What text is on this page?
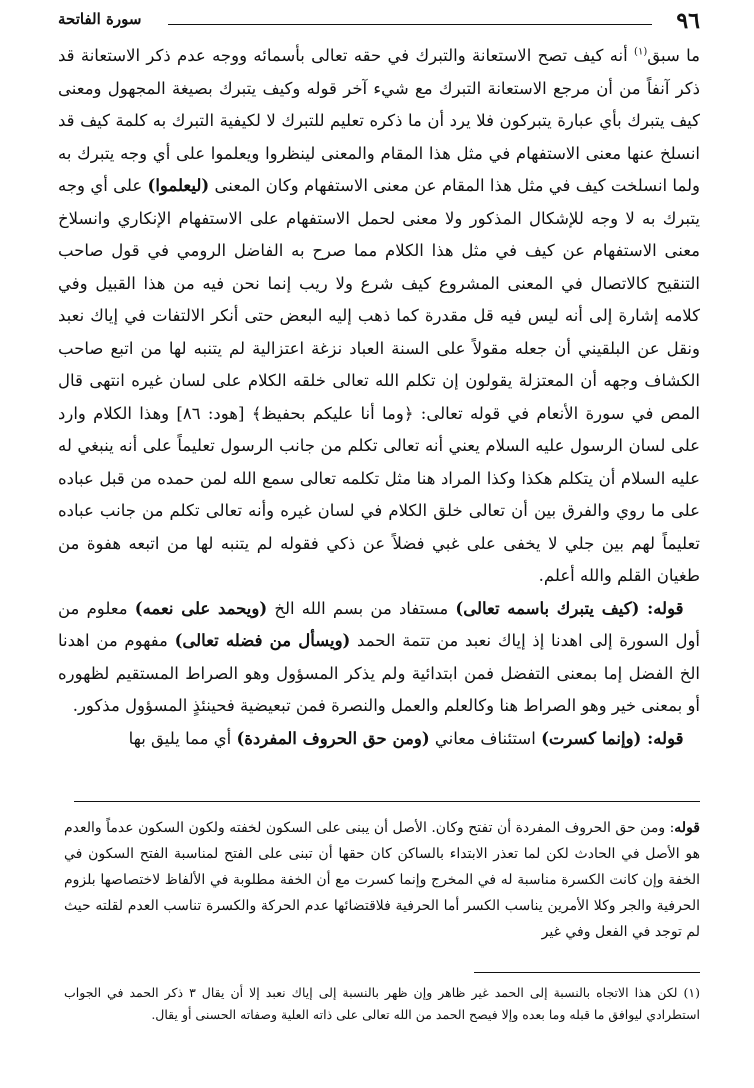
سورة الفاتحة	٩٦

ما سبق$^{(١)}$ أنه كيف تصح الاستعانة والتبرك في حقه تعالى بأسمائه ووجه عدم ذكر الاستعانة قد ذكر آنفاً من أن مرجع الاستعانة التبرك مع شيء آخر قوله وكيف يتبرك بصيغة المجهول ومعنى كيف يتبرك بأي عبارة يتبركون فلا يرد أن ما ذكره تعليم للتبرك لا لكيفية التبرك به كلمة كيف قد انسلخ عنها معنى الاستفهام في مثل هذا المقام والمعنى لينظروا ويعلموا على أي وجه يتبرك به ولما انسلخت كيف في مثل هذا المقام عن معنى الاستفهام وكان المعنى (ليعلموا) على أي وجه يتبرك به لا وجه للإشكال المذكور ولا معنى لحمل الاستفهام على الاستفهام الإنكاري وانسلاخ معنى الاستفهام عن كيف في مثل هذا الكلام مما صرح به الفاضل الرومي في قول صاحب التنقيح كالاتصال في المعنى المشروع كيف شرع ولا ريب إنما نحن فيه من هذا القبيل وفي كلامه إشارة إلى أنه ليس فيه قل مقدرة كما ذهب إليه البعض حتى أنكر الالتفات في إياك نعبد ونقل عن البلقيني أن جعله مقولاً على السنة العباد نزغة اعتزالية لم يتنبه لها من اتبع صاحب الكشاف وجهه أن المعتزلة يقولون إن تكلم الله تعالى خلقه الكلام على لسان غيره انتهى قال المص في سورة الأنعام في قوله تعالى: ﴿وما أنا عليكم بحفيظ﴾ [هود: ٨٦] وهذا الكلام وارد على لسان الرسول عليه السلام يعني أنه تعالى تكلم من جانب الرسول تعليماً على أنه ينبغي له عليه السلام أن يتكلم هكذا وكذا المراد هنا مثل تكلمه تعالى سمع الله لمن حمده من قبل عباده على ما روي والفرق بين أن تعالى خلق الكلام في لسان غيره وأنه تعالى تكلم من جانب عباده تعليماً لهم بين جلي لا يخفى على غبي فضلاً عن ذكي فقوله لم يتنبه لها من اتبعه هفوة من طغيان القلم والله أعلم.

 قوله: (كيف يتبرك باسمه تعالى) مستفاد من بسم الله الخ (ويحمد على نعمه) معلوم من أول السورة إلى اهدنا إذ إياك نعبد من تتمة الحمد (ويسأل من فضله تعالى) مفهوم من اهدنا الخ الفضل إما بمعنى التفضل فمن ابتدائية ولم يذكر المسؤول وهو الصراط المستقيم لظهوره أو بمعنى خير وهو الصراط هنا وكالعلم والعمل والنصرة فمن تبعيضية فحينئذٍ المسؤول مذكور.

 قوله: (وإنما كسرت) استئناف معاني (ومن حق الحروف المفردة) أي مما يليق بها

قوله: ومن حق الحروف المفردة أن تفتح وكان. الأصل أن يبنى على السكون لخفته ولكون السكون عدماً والعدم هو الأصل في الحادث لكن لما تعذر الابتداء بالساكن كان حقها أن تبنى على الفتح لمناسبة الفتح السكون في الخفة وإن كانت الكسرة مناسبة له في المخرج وإنما كسرت مع أن الخفة مطلوبة في الألفاظ لاختصاصها بلزوم الحرفية والجر وكلا الأمرين يناسب الكسر أما الحرفية فلاقتضائها عدم الحركة والكسرة تناسب العدم لقلته حيث لم توجد في الفعل وفي غير

(١) لكن هذا الاتجاه بالنسبة إلى الحمد غير ظاهر وإن ظهر بالنسبة إلى إياك نعبد إلا أن يقال ٣ ذكر الحمد في الجواب استطرادي ليوافق ما قبله وما بعده وإلا فيصح الحمد من الله تعالى على ذاته العلية وصفاته الحسنى أو يقال.
